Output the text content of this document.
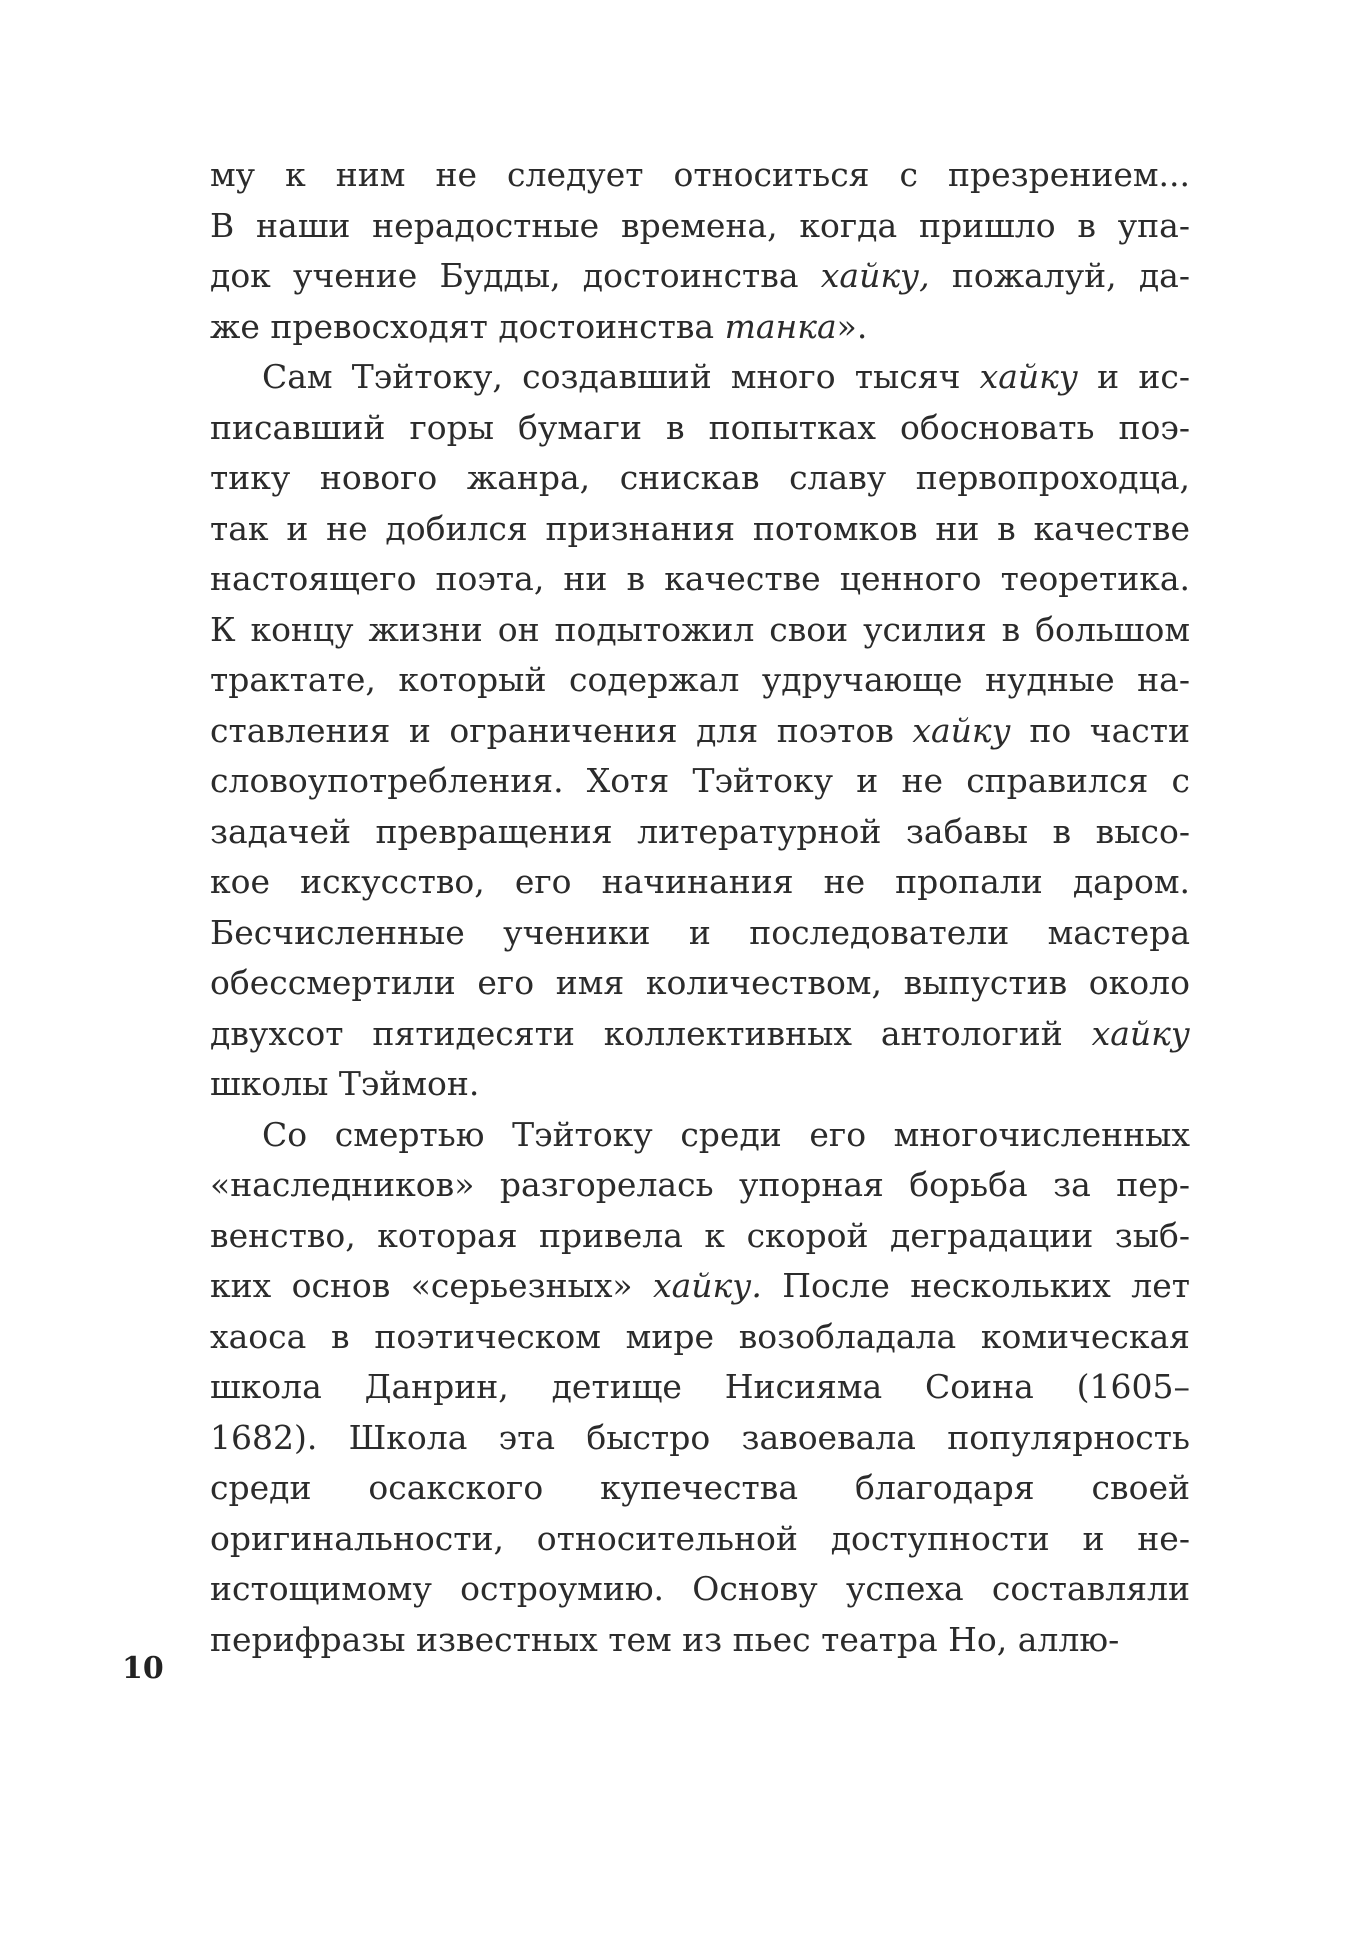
му к ним не следует относиться с презрением...
В наши нерадостные времена, когда пришло в упа-
док учение Будды, достоинства хайку, пожалуй, да-
же превосходят достоинства танка».
Сам Тэйтоку, создавший много тысяч хайку и ис-
писавший горы бумаги в попытках обосновать поэ-
тику нового жанра, снискав славу первопроходца,
так и не добился признания потомков ни в качестве
настоящего поэта, ни в качестве ценного теоретика.
К концу жизни он подытожил свои усилия в большом
трактате, который содержал удручающе нудные на-
ставления и ограничения для поэтов хайку по части
словоупотребления. Хотя Тэйтоку и не справился с
задачей превращения литературной забавы в высо-
кое искусство, его начинания не пропали даром.
Бесчисленные ученики и последователи мастера
обессмертили его имя количеством, выпустив около
двухсот пятидесяти коллективных антологий хайку
школы Тэймон.
Со смертью Тэйтоку среди его многочисленных
«наследников» разгорелась упорная борьба за пер-
венство, которая привела к скорой деградации зыб-
ких основ «серьезных» хайку. После нескольких лет
хаоса в поэтическом мире возобладала комическая
школа Данрин, детище Нисияма Соина (1605–
1682). Школа эта быстро завоевала популярность
среди осакского купечества благодаря своей
оригинальности, относительной доступности и не-
истощимому остроумию. Основу успеха составляли
перифразы известных тем из пьес театра Но, аллю-
10
